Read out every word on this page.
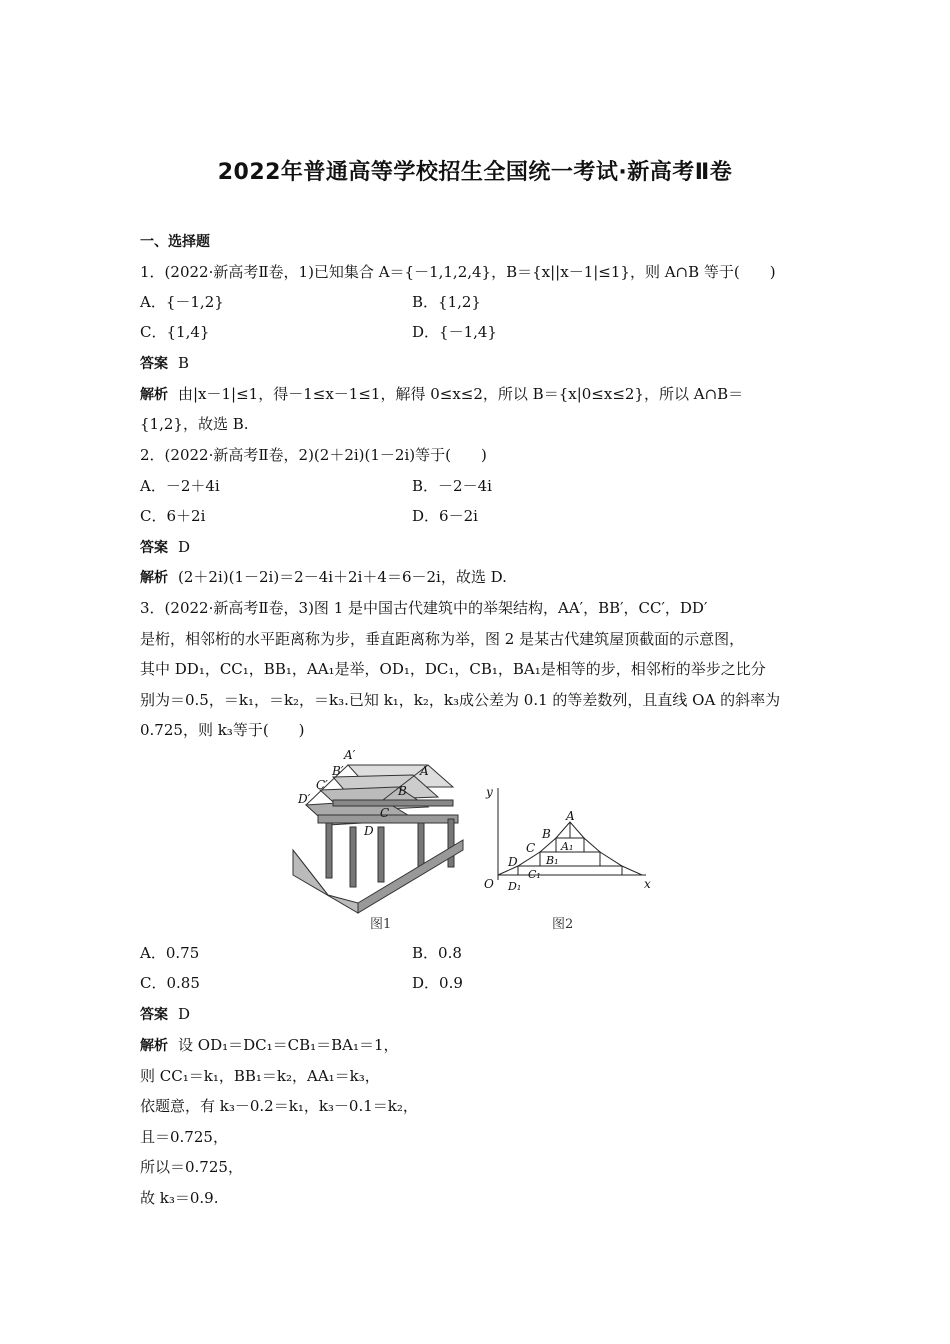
2022年普通高等学校招生全国统一考试·新高考Ⅱ卷
一、选择题
1．(2022·新高考Ⅱ卷，1)已知集合 A＝{－1,1,2,4}，B＝{x||x－1|≤1}，则 A∩B 等于(　　)
A．{－1,2}	B．{1,2}
C．{1,4}	D．{－1,4}
答案 B
解析 由|x－1|≤1，得－1≤x－1≤1，解得 0≤x≤2，所以 B＝{x|0≤x≤2}，所以 A∩B＝
{1,2}，故选 B.
2．(2022·新高考Ⅱ卷，2)(2＋2i)(1－2i)等于(　　)
A．－2＋4i	B．－2－4i
C．6＋2i	D．6－2i
答案 D
解析 (2＋2i)(1－2i)＝2－4i＋2i＋4＝6－2i，故选 D.
3．(2022·新高考Ⅱ卷，3)图 1 是中国古代建筑中的举架结构，AA′，BB′，CC′，DD′
是桁，相邻桁的水平距离称为步，垂直距离称为举，图 2 是某古代建筑屋顶截面的示意图，
其中 DD₁，CC₁，BB₁，AA₁是举，OD₁，DC₁，CB₁，BA₁是相等的步，相邻桁的举步之比分
别为＝0.5，＝k₁，＝k₂，＝k₃.已知 k₁，k₂，k₃成公差为 0.1 的等差数列，且直线 OA 的斜率为
0.725，则 k₃等于(　　)
A′
B′
C′
D′
A
B
C
D
图1
y
x
O
A
B
C
D
A₁
B₁
C₁
D₁
图2
A．0.75	B．0.8
C．0.85	D．0.9
答案 D
解析 设 OD₁＝DC₁＝CB₁＝BA₁＝1，
则 CC₁＝k₁，BB₁＝k₂，AA₁＝k₃，
依题意，有 k₃－0.2＝k₁，k₃－0.1＝k₂，
且＝0.725，
所以＝0.725，
故 k₃＝0.9.
